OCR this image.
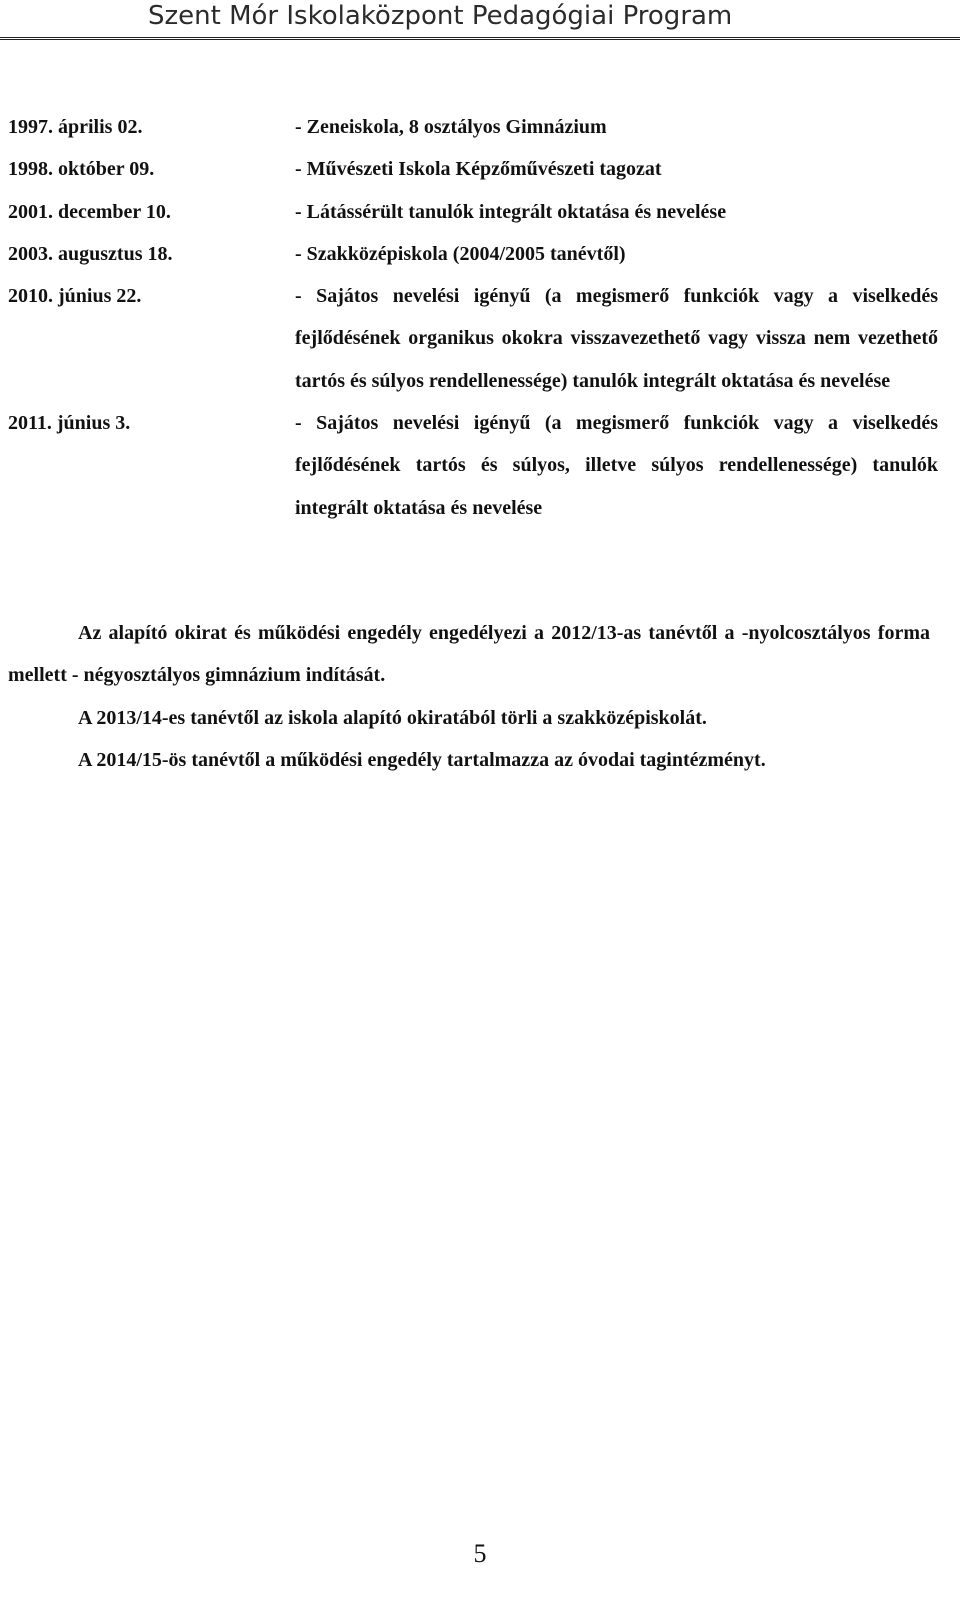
Szent Mór Iskolaközpont Pedagógiai Program
1997. április 02.	- Zeneiskola, 8 osztályos Gimnázium
1998. október 09.	- Művészeti Iskola Képzőművészeti tagozat
2001. december 10.	- Látássérült tanulók integrált oktatása és nevelése
2003. augusztus 18.	- Szakközépiskola (2004/2005 tanévtől)
2010. június 22.	- Sajátos nevelési igényű (a megismerő funkciók vagy a viselkedés fejlődésének organikus okokra visszavezethető vagy vissza nem vezethető tartós és súlyos rendellenessége) tanulók integrált oktatása és nevelése
2011. június 3.	- Sajátos nevelési igényű (a megismerő funkciók vagy a viselkedés fejlődésének tartós és súlyos, illetve súlyos rendellenessége) tanulók integrált oktatása és nevelése

Az alapító okirat és működési engedély engedélyezi a 2012/13-as tanévtől a -nyolcosztályos forma mellett - négyosztályos gimnázium indítását.

A 2013/14-es tanévtől az iskola alapító okiratából törli a szakközépiskolát.

A 2014/15-ös tanévtől a működési engedély tartalmazza az óvodai tagintézményt.

5
